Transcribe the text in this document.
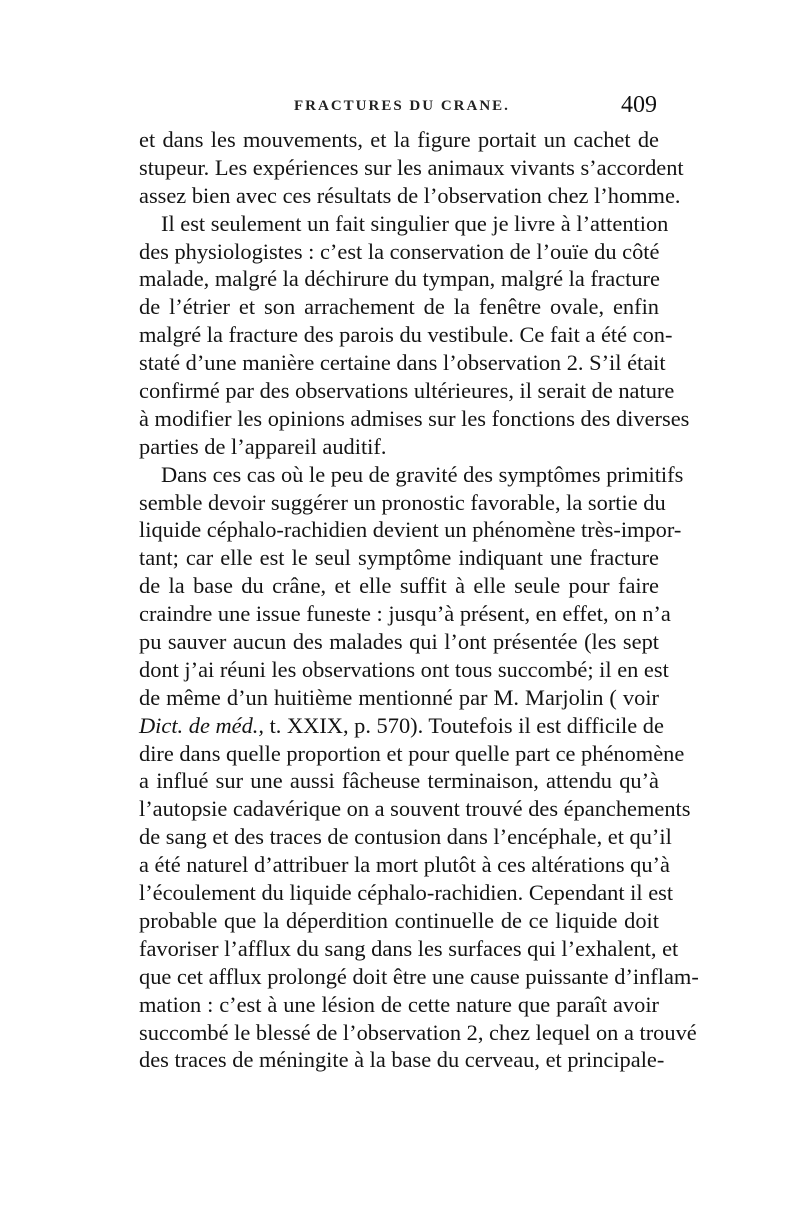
FRACTURES DU CRANE.	409
et dans les mouvements, et la figure portait un cachet de
stupeur. Les expériences sur les animaux vivants s’accordent
assez bien avec ces résultats de l’observation chez l’homme.
Il est seulement un fait singulier que je livre à l’attention
des physiologistes : c’est la conservation de l’ouïe du côté
malade, malgré la déchirure du tympan, malgré la fracture
de l’étrier et son arrachement de la fenêtre ovale, enfin
malgré la fracture des parois du vestibule. Ce fait a été con-
staté d’une manière certaine dans l’observation 2. S’il était
confirmé par des observations ultérieures, il serait de nature
à modifier les opinions admises sur les fonctions des diverses
parties de l’appareil auditif.
Dans ces cas où le peu de gravité des symptômes primitifs
semble devoir suggérer un pronostic favorable, la sortie du
liquide céphalo-rachidien devient un phénomène très-impor-
tant; car elle est le seul symptôme indiquant une fracture
de la base du crâne, et elle suffit à elle seule pour faire
craindre une issue funeste : jusqu’à présent, en effet, on n’a
pu sauver aucun des malades qui l’ont présentée (les sept
dont j’ai réuni les observations ont tous succombé; il en est
de même d’un huitième mentionné par M. Marjolin ( voir
Dict. de méd., t. XXIX, p. 570). Toutefois il est difficile de
dire dans quelle proportion et pour quelle part ce phénomène
a influé sur une aussi fâcheuse terminaison, attendu qu’à
l’autopsie cadavérique on a souvent trouvé des épanchements
de sang et des traces de contusion dans l’encéphale, et qu’il
a été naturel d’attribuer la mort plutôt à ces altérations qu’à
l’écoulement du liquide céphalo-rachidien. Cependant il est
probable que la déperdition continuelle de ce liquide doit
favoriser l’afflux du sang dans les surfaces qui l’exhalent, et
que cet afflux prolongé doit être une cause puissante d’inflam-
mation : c’est à une lésion de cette nature que paraît avoir
succombé le blessé de l’observation 2, chez lequel on a trouvé
des traces de méningite à la base du cerveau, et principale-
